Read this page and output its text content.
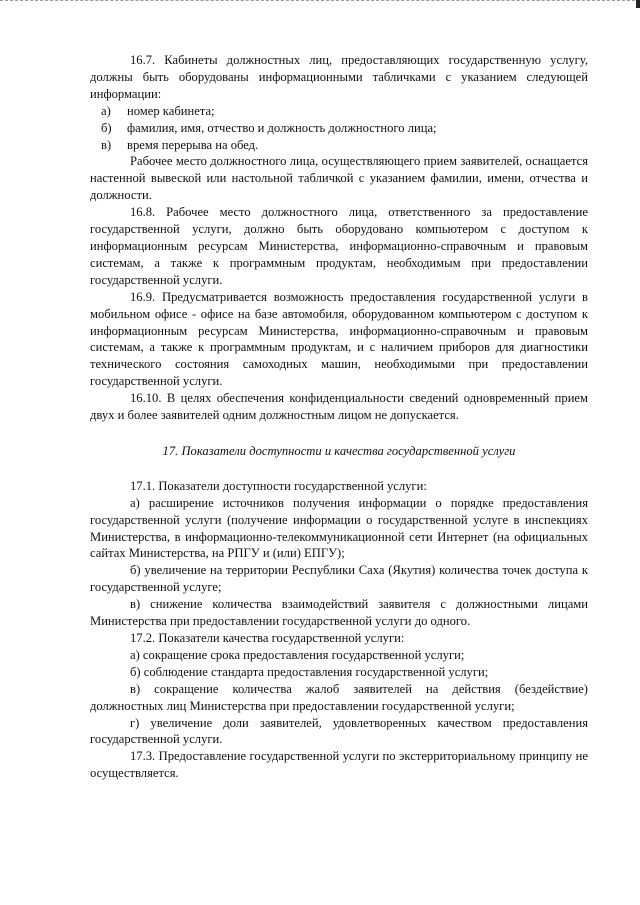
16.7. Кабинеты должностных лиц, предоставляющих государственную услугу, должны быть оборудованы информационными табличками с указанием следующей информации:

а) номер кабинета;

б) фамилия, имя, отчество и должность должностного лица;

в) время перерыва на обед.

Рабочее место должностного лица, осуществляющего прием заявителей, оснащается настенной вывеской или настольной табличкой с указанием фамилии, имени, отчества и должности.

16.8. Рабочее место должностного лица, ответственного за предоставление государственной услуги, должно быть оборудовано компьютером с доступом к информационным ресурсам Министерства, информационно-справочным и правовым системам, а также к программным продуктам, необходимым при предоставлении государственной услуги.

16.9. Предусматривается возможность предоставления государственной услуги в мобильном офисе - офисе на базе автомобиля, оборудованном компьютером с доступом к информационным ресурсам Министерства, информационно-справочным и правовым системам, а также к программным продуктам, и с наличием приборов для диагностики технического состояния самоходных машин, необходимыми при предоставлении государственной услуги.

16.10. В целях обеспечения конфиденциальности сведений одновременный прием двух и более заявителей одним должностным лицом не допускается.

17. Показатели доступности и качества государственной услуги

17.1. Показатели доступности государственной услуги:

а) расширение источников получения информации о порядке предоставления государственной услуги (получение информации о государственной услуге в инспекциях Министерства, в информационно-телекоммуникационной сети Интернет (на официальных сайтах Министерства, на РПГУ и (или) ЕПГУ);

б) увеличение на территории Республики Саха (Якутия) количества точек доступа к государственной услуге;

в) снижение количества взаимодействий заявителя с должностными лицами Министерства при предоставлении государственной услуги до одного.

17.2. Показатели качества государственной услуги:

а) сокращение срока предоставления государственной услуги;

б) соблюдение стандарта предоставления государственной услуги;

в) сокращение количества жалоб заявителей на действия (бездействие) должностных лиц Министерства при предоставлении государственной услуги;

г) увеличение доли заявителей, удовлетворенных качеством предоставления государственной услуги.

17.3. Предоставление государственной услуги по экстерриториальному принципу не осуществляется.
